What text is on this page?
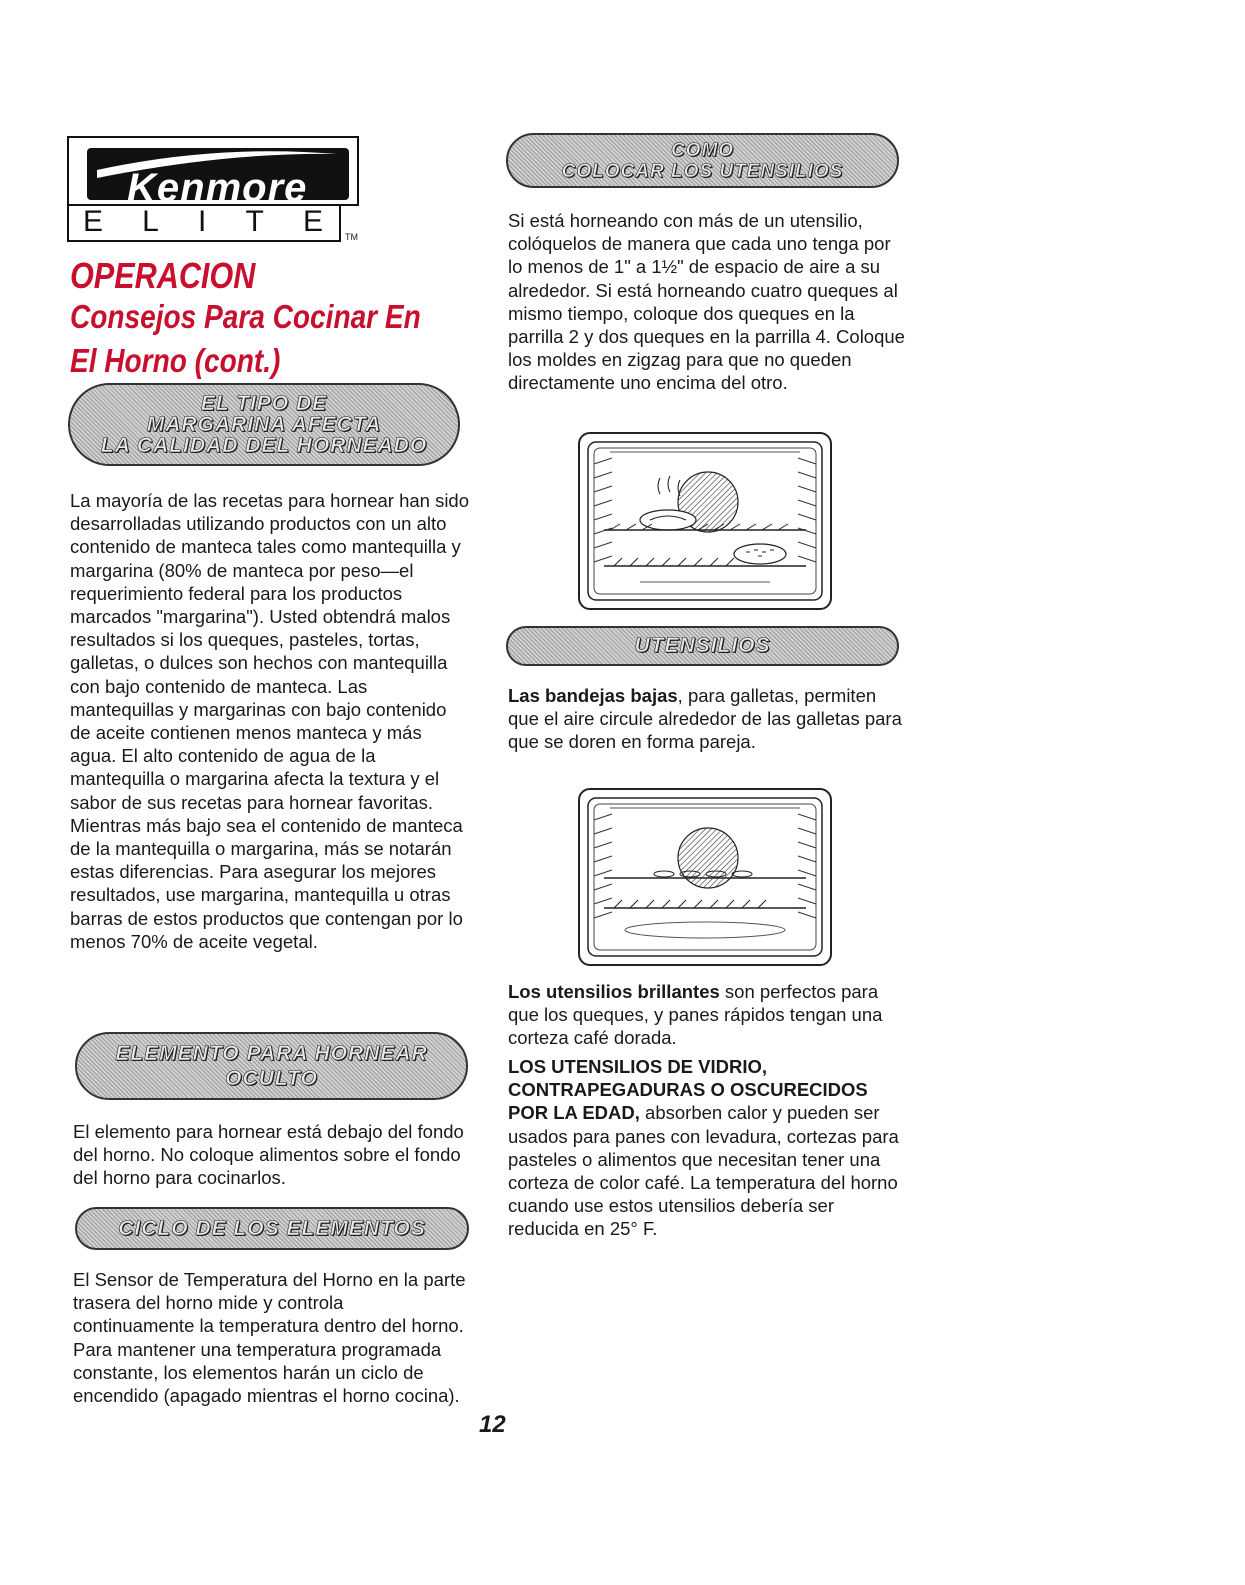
Kenmore
E L I T E TM
OPERACION
Consejos Para Cocinar En El Horno (cont.)
EL TIPO DE
MARGARINA AFECTA
LA CALIDAD DEL HORNEADO

La mayoría de las recetas para hornear han sido desarrolladas utilizando productos con un alto contenido de manteca tales como mantequilla y margarina (80% de manteca por peso—el requerimiento federal para los productos marcados "margarina"). Usted obtendrá malos resultados si los queques, pasteles, tortas, galletas, o dulces son hechos con mantequilla con bajo contenido de manteca. Las mantequillas y margarinas con bajo contenido de aceite contienen menos manteca y más agua. El alto contenido de agua de la mantequilla o margarina afecta la textura y el sabor de sus recetas para hornear favoritas. Mientras más bajo sea el contenido de manteca de la mantequilla o margarina, más se notarán estas diferencias. Para asegurar los mejores resultados, use margarina, mantequilla u otras barras de estos productos que contengan por lo menos 70% de aceite vegetal.

ELEMENTO PARA HORNEAR
OCULTO

El elemento para hornear está debajo del fondo del horno. No coloque alimentos sobre el fondo del horno para cocinarlos.

CICLO DE LOS ELEMENTOS

El Sensor de Temperatura del Horno en la parte trasera del horno mide y controla continuamente la temperatura dentro del horno. Para mantener una temperatura programada constante, los elementos harán un ciclo de encendido (apagado mientras el horno cocina).

COMO
COLOCAR LOS UTENSILIOS

Si está horneando con más de un utensilio, colóquelos de manera que cada uno tenga por lo menos de 1" a 1½" de espacio de aire a su alrededor. Si está horneando cuatro queques al mismo tiempo, coloque dos queques en la parrilla 2 y dos queques en la parrilla 4. Coloque los moldes en zigzag para que no queden directamente uno encima del otro.

UTENSILIOS

Las bandejas bajas, para galletas, permiten que el aire circule alrededor de las galletas para que se doren en forma pareja.

Los utensilios brillantes son perfectos para que los queques, y panes rápidos tengan una corteza café dorada.

LOS UTENSILIOS DE VIDRIO, CONTRAPEGADURAS O OSCURECIDOS POR LA EDAD, absorben calor y pueden ser usados para panes con levadura, cortezas para pasteles o alimentos que necesitan tener una corteza de color café. La temperatura del horno cuando use estos utensilios debería ser reducida en 25° F.

12
